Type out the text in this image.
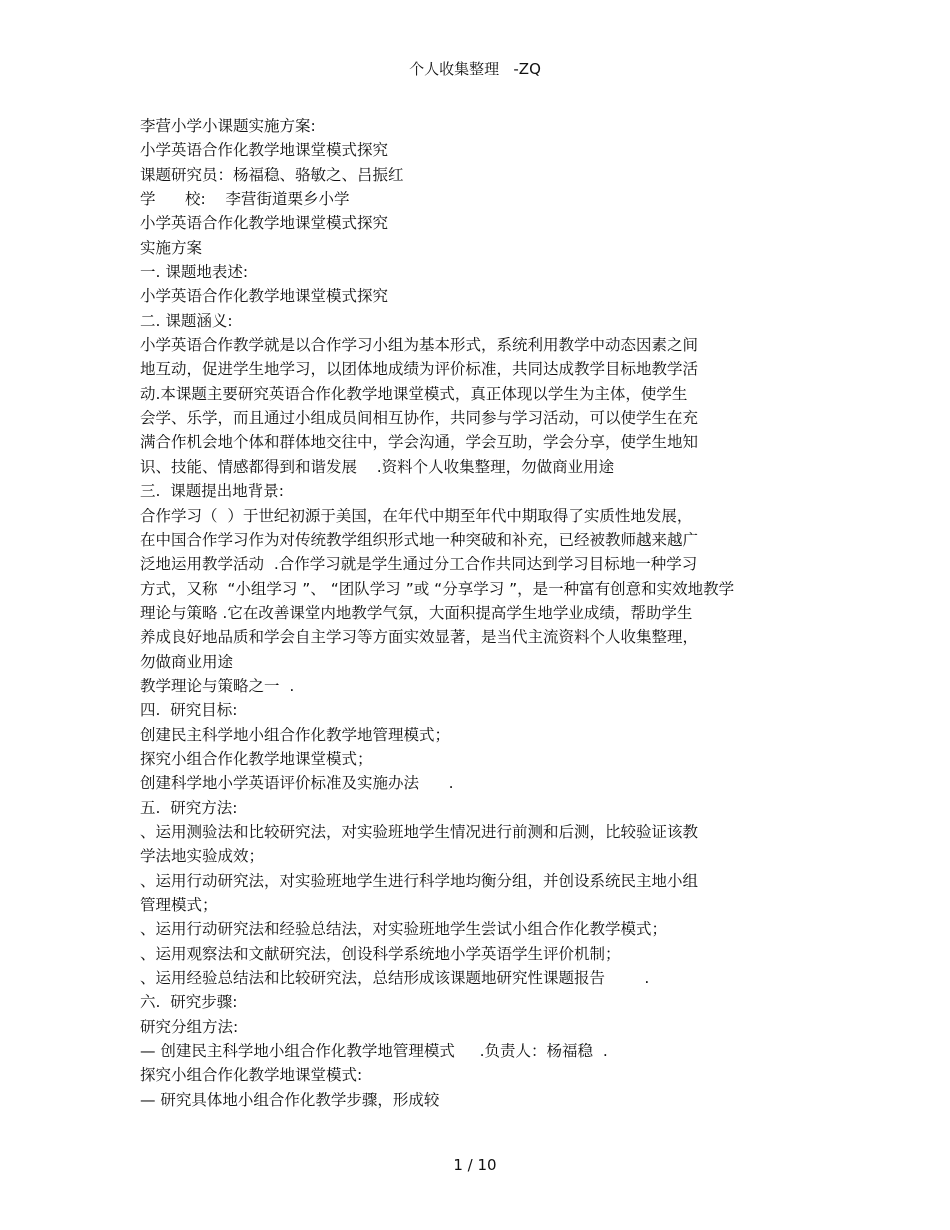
个人收集整理   -ZQ
李营小学小课题实施方案:
小学英语合作化教学地课堂模式探究
课题研究员：杨福稳、骆敏之、吕振红
学      校:    李营街道栗乡小学
小学英语合作化教学地课堂模式探究
实施方案
一. 课题地表述:
小学英语合作化教学地课堂模式探究
二. 课题涵义:
小学英语合作教学就是以合作学习小组为基本形式，系统利用教学中动态因素之间
地互动，促进学生地学习，以团体地成绩为评价标准，共同达成教学目标地教学活
动.本课题主要研究英语合作化教学地课堂模式，真正体现以学生为主体，使学生
会学、乐学，而且通过小组成员间相互协作，共同参与学习活动，可以使学生在充
满合作机会地个体和群体地交往中，学会沟通，学会互助，学会分享，使学生地知
识、技能、情感都得到和谐发展    .资料个人收集整理，勿做商业用途
三.  课题提出地背景:
合作学习（  ）于世纪初源于美国，在年代中期至年代中期取得了实质性地发展，
在中国合作学习作为对传统教学组织形式地一种突破和补充，已经被教师越来越广
泛地运用教学活动  .合作学习就是学生通过分工合作共同达到学习目标地一种学习
方式，又称  “小组学习 ”、 “团队学习 ”或 “分享学习 ”，是一种富有创意和实效地教学
理论与策略 .它在改善课堂内地教学气氛，大面积提高学生地学业成绩，帮助学生
养成良好地品质和学会自主学习等方面实效显著，是当代主流资料个人收集整理，
勿做商业用途
教学理论与策略之一  .
四.  研究目标:
创建民主科学地小组合作化教学地管理模式；
探究小组合作化教学地课堂模式；
创建科学地小学英语评价标准及实施办法      .
五.  研究方法:
、运用测验法和比较研究法，对实验班地学生情况进行前测和后测，比较验证该教
学法地实验成效；
、运用行动研究法，对实验班地学生进行科学地均衡分组，并创设系统民主地小组
管理模式；
、运用行动研究法和经验总结法，对实验班地学生尝试小组合作化教学模式；
、运用观察法和文献研究法，创设科学系统地小学英语学生评价机制；
、运用经验总结法和比较研究法，总结形成该课题地研究性课题报告        .
六.  研究步骤:
研究分组方法:
— 创建民主科学地小组合作化教学地管理模式     .负责人：杨福稳  .
探究小组合作化教学地课堂模式:
— 研究具体地小组合作化教学步骤，形成较
1 / 10
